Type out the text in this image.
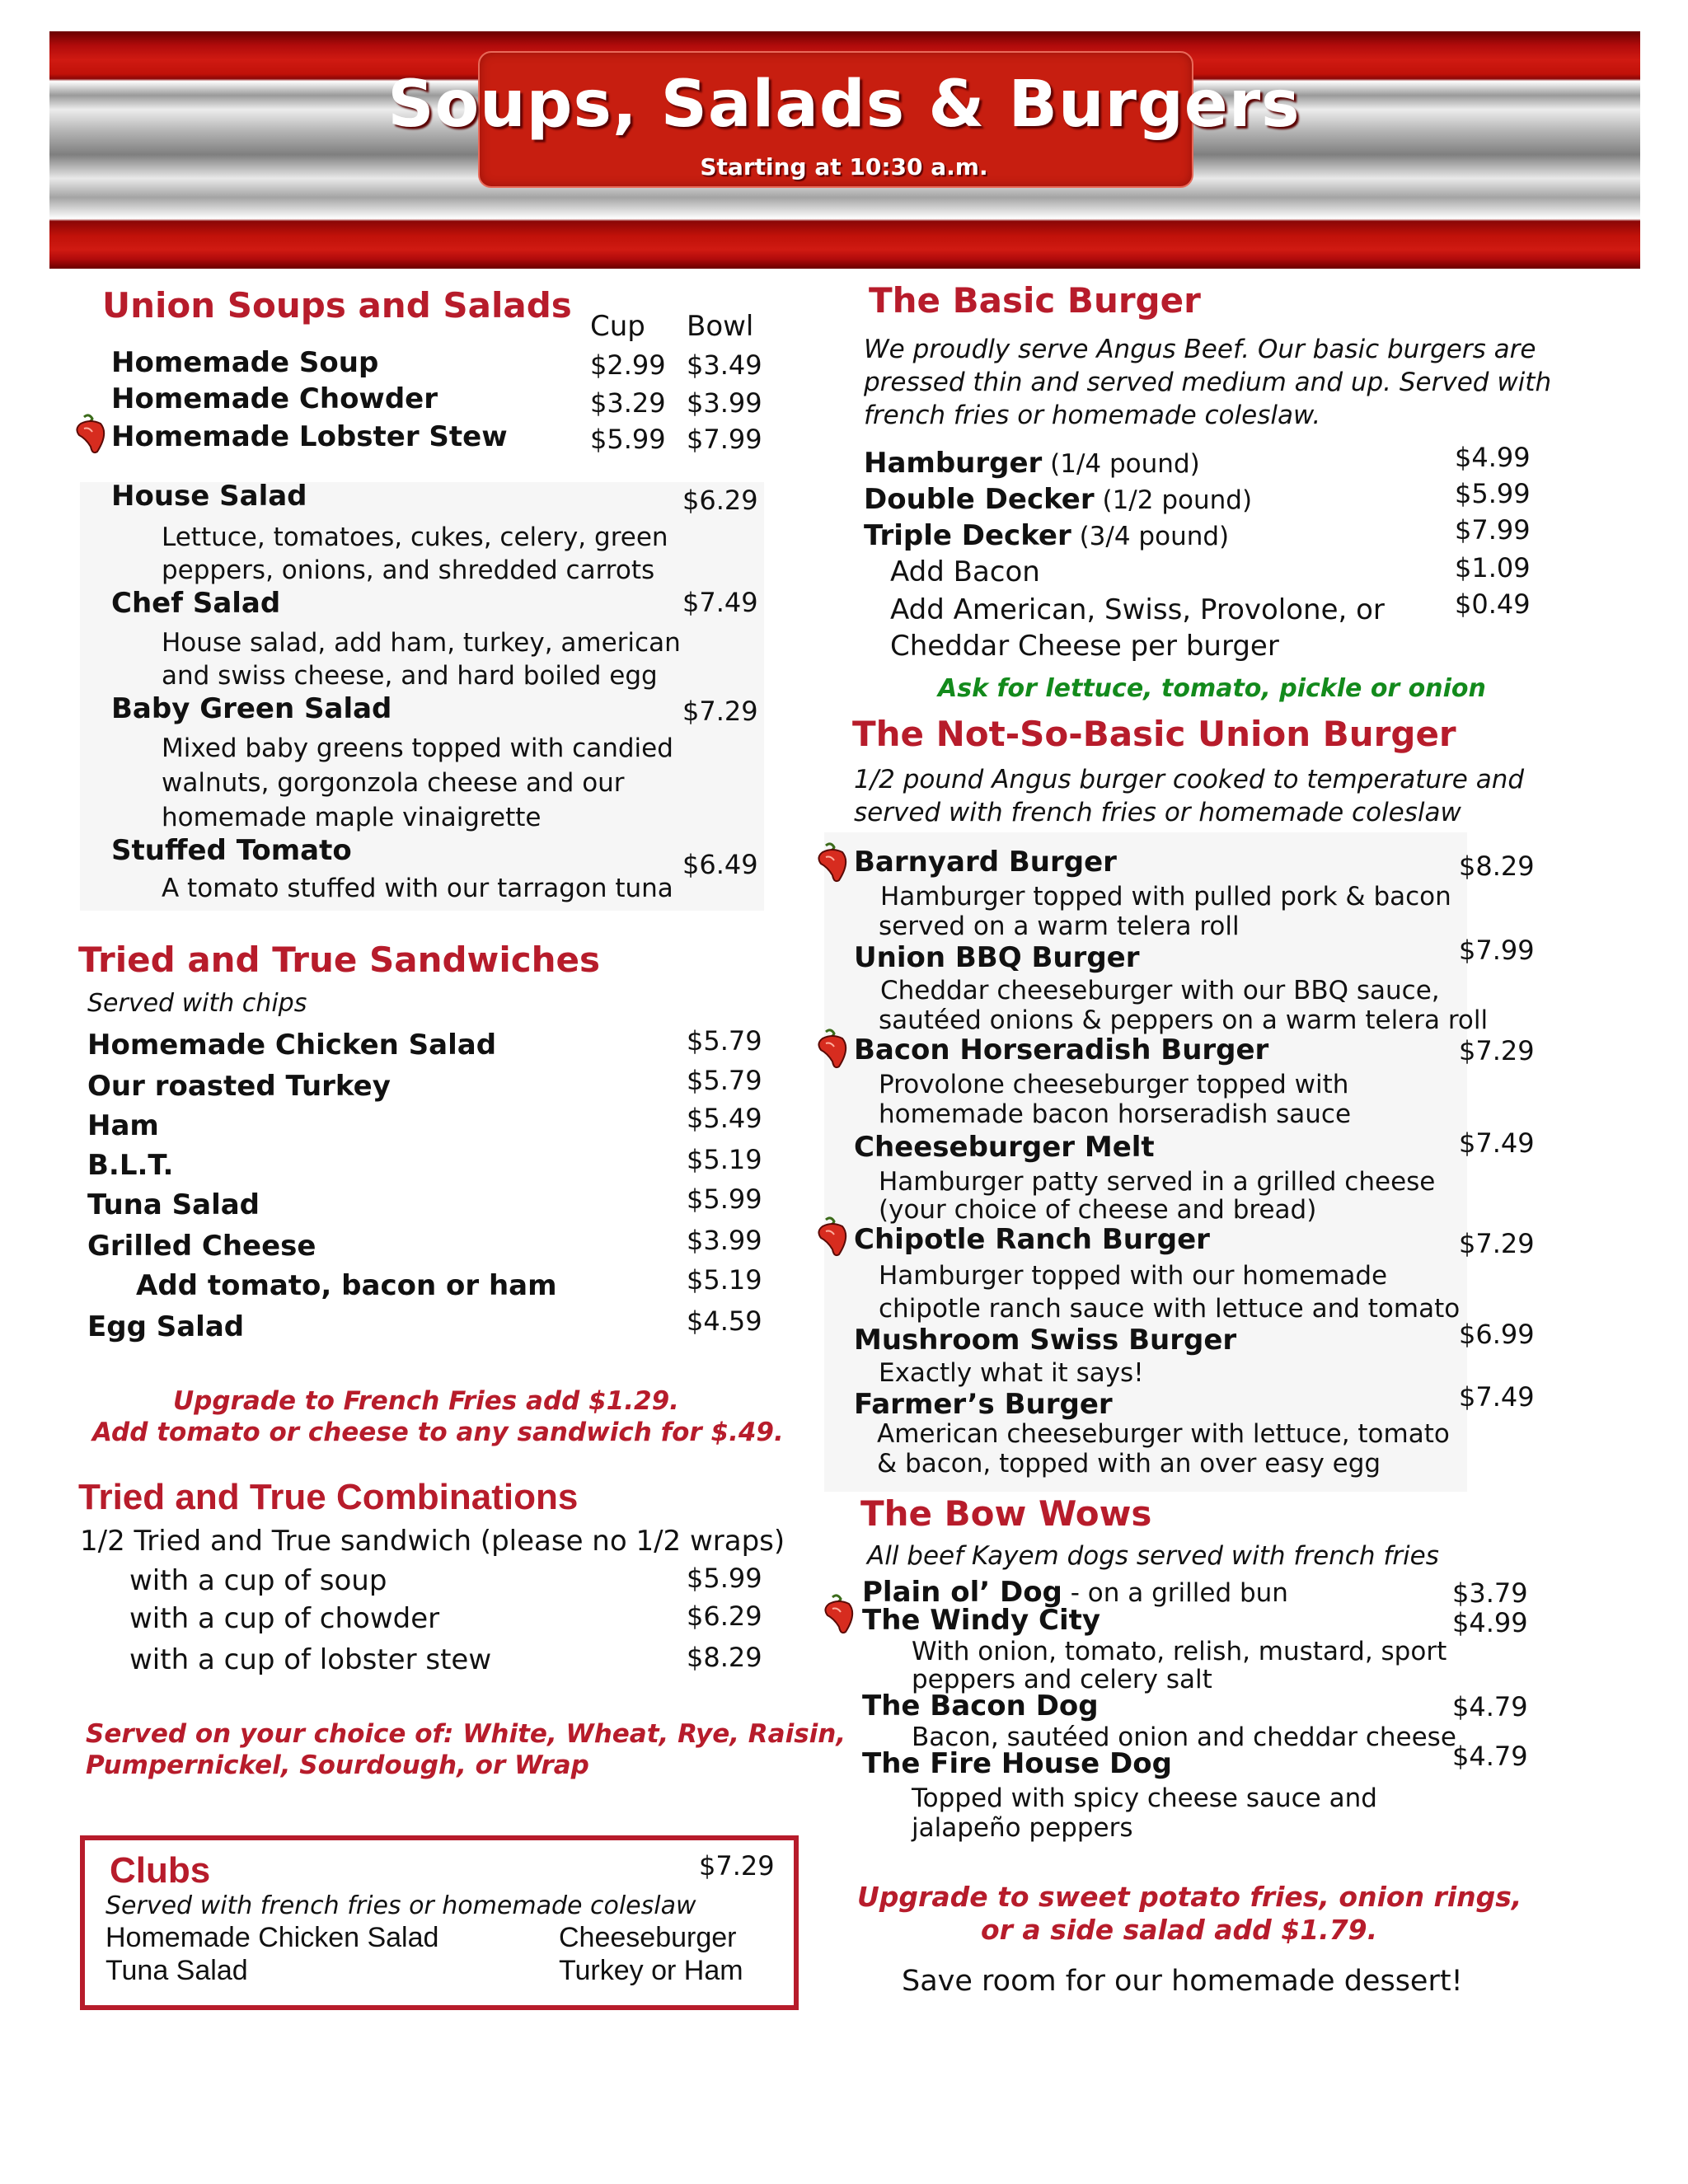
Soups, Salads & Burgers
Starting at 10:30 a.m.
Union Soups and Salads
Cup Bowl
Homemade Soup	$2.99 $3.49
Homemade Chowder	$3.29 $3.99
Homemade Lobster Stew	$5.99 $7.99
House Salad	$6.29
Lettuce, tomatoes, cukes, celery, green
peppers, onions, and shredded carrots
Chef Salad	$7.49
House salad, add ham, turkey, american
and swiss cheese, and hard boiled egg
Baby Green Salad	$7.29
Mixed baby greens topped with candied
walnuts, gorgonzola cheese and our
homemade maple vinaigrette
Stuffed Tomato	$6.49
A tomato stuffed with our tarragon tuna
Tried and True Sandwiches
Served with chips
Homemade Chicken Salad	$5.79
Our roasted Turkey	$5.79
Ham	$5.49
B.L.T.	$5.19
Tuna Salad	$5.99
Grilled Cheese	$3.99
Add tomato, bacon or ham	$5.19
Egg Salad	$4.59
Upgrade to French Fries add $1.29.
Add tomato or cheese to any sandwich for $.49.
Tried and True Combinations
1/2 Tried and True sandwich (please no 1/2 wraps)
with a cup of soup	$5.99
with a cup of chowder	$6.29
with a cup of lobster stew	$8.29
Served on your choice of: White, Wheat, Rye, Raisin,
Pumpernickel, Sourdough, or Wrap
Clubs	$7.29
Served with french fries or homemade coleslaw
Homemade Chicken Salad	Cheeseburger
Tuna Salad	Turkey or Ham
The Basic Burger
We proudly serve Angus Beef. Our basic burgers are
pressed thin and served medium and up. Served with
french fries or homemade coleslaw.
Hamburger (1/4 pound)	$4.99
Double Decker (1/2 pound)	$5.99
Triple Decker (3/4 pound)	$7.99
Add Bacon	$1.09
Add American, Swiss, Provolone, or	$0.49
Cheddar Cheese per burger
Ask for lettuce, tomato, pickle or onion
The Not-So-Basic Union Burger
1/2 pound Angus burger cooked to temperature and
served with french fries or homemade coleslaw
Barnyard Burger	$8.29
Hamburger topped with pulled pork & bacon
served on a warm telera roll
Union BBQ Burger	$7.99
Cheddar cheeseburger with our BBQ sauce,
sautéed onions & peppers on a warm telera roll
Bacon Horseradish Burger	$7.29
Provolone cheeseburger topped with
homemade bacon horseradish sauce
Cheeseburger Melt	$7.49
Hamburger patty served in a grilled cheese
(your choice of cheese and bread)
Chipotle Ranch Burger	$7.29
Hamburger topped with our homemade
chipotle ranch sauce with lettuce and tomato
Mushroom Swiss Burger	$6.99
Exactly what it says!
Farmer’s Burger	$7.49
American cheeseburger with lettuce, tomato
& bacon, topped with an over easy egg
The Bow Wows
All beef Kayem dogs served with french fries
Plain ol’ Dog - on a grilled bun	$3.79
The Windy City	$4.99
With onion, tomato, relish, mustard, sport
peppers and celery salt
The Bacon Dog	$4.79
Bacon, sautéed onion and cheddar cheese
The Fire House Dog	$4.79
Topped with spicy cheese sauce and
jalapeño peppers
Upgrade to sweet potato fries, onion rings,
or a side salad add $1.79.
Save room for our homemade dessert!
